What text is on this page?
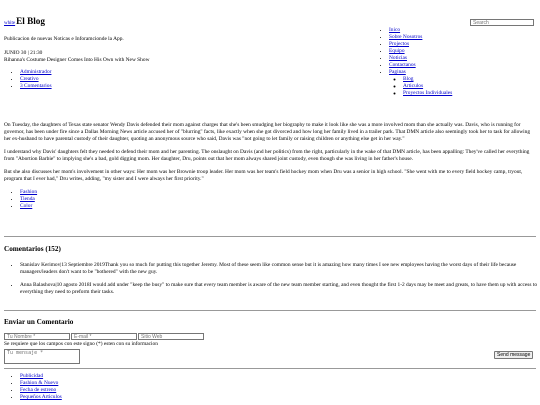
Search
• Inico
• Sobre Nosotros
• Projectos
• Equipo
• Noticias
• Contactanos
• Paginas
◦ Blog
◦ Articulos
◦ Proyectos Individuales
white El Blog

Publicacion de nuevas Noticas e Inforamcionde la App.

JUNIO 30 | 21:30

Rihanna's Costume Designer Comes Into His Own with New Show

• Administrador
• Creativo
• 3 Comentarios

On Tuesday, the daughters of Texas state senator Wendy Davis defended their mom against charges that she's been smudging her biography to make it look like she was a more involved mom than she actually was. Davis, who is running for governor, has been under fire since a Dallas Morning News article accused her of "blurring" facts, like exactly when she got divorced and how long her family lived in a trailer park. That DMN article also seemingly took her to task for allowing her ex-husband to have parental custody of their daughter, quoting an anonymous source who said, Davis was "not going to let family or raising children or anything else get in her way."

I understand why Davis' daughters felt they needed to defend their mom and her parenting. The onslaught on Davis (and her politics) from the right, particularly in the wake of that DMN article, has been appalling: They've called her everything from "Abortion Barbie" to implying she's a bad, gold digging mom. Her daughter, Dru, points out that her mom always shared joint custody, even though she was living in her father's house.

But she also discusses her mom's involvement in other ways: Her mom was her Brownie troop leader. Her mom was her team's field hockey mom when Dru was a senior in high school. "She went with me to every field hockey camp, tryout, program that I ever had," Dru writes, adding, "my sister and I were always her first priority."

• Fashion
• Tienda
• Color
Comentarios (152)
• Stanislav Kerimov|13 Septiembre 2019Thank you so much for putting this together Jeremy. Most of these seem like common sense but it is amazing how many times I see new employees having the worst days of their life because managers/leaders don't want to be "bothered" with the new guy.
• Anna Balashova|10 agosto 2018I would add under "keep the busy" to make sure that every team member is aware of the new team member starting, and even thought the first 1-2 days may be meet and greats, to have them up with access to everything they need to preform their tasks.
Enviar un Comentario
Tu Nombre *E-mail *Sitio Web

Se requiere que los campos con este signo (*) esten con su informacion

Tu mensaje *
Send message
• Publicidad
• Fashion & Nuevo
• Fecha de estreno
• Pequeños Articulos
